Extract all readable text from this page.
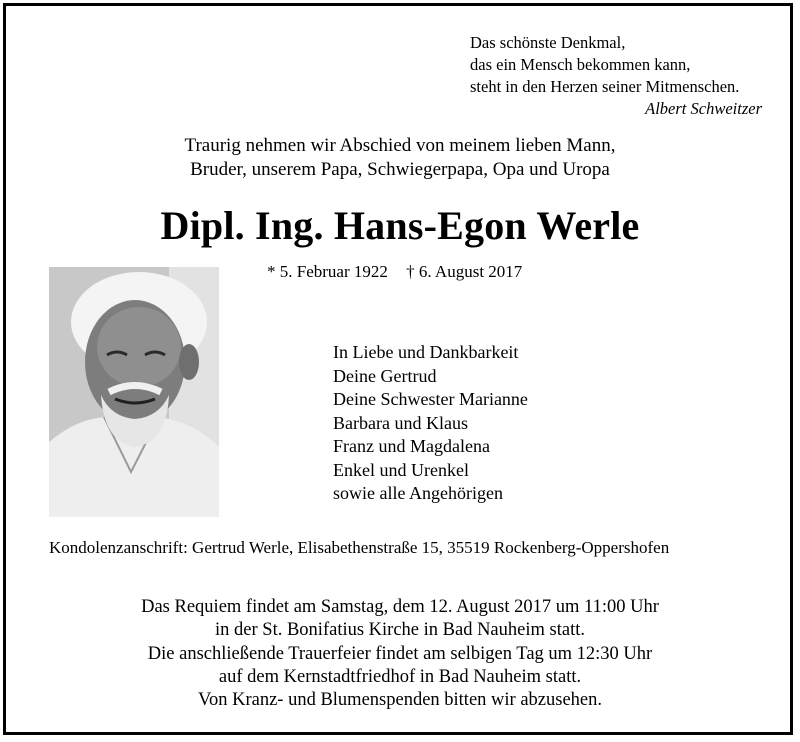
Das schönste Denkmal,
das ein Mensch bekommen kann,
steht in den Herzen seiner Mitmenschen.
Albert Schweitzer
Traurig nehmen wir Abschied von meinem lieben Mann,
Bruder, unserem Papa, Schwiegerpapa, Opa und Uropa
Dipl. Ing. Hans-Egon Werle
* 5. Februar 1922 † 6. August 2017
In Liebe und Dankbarkeit
Deine Gertrud
Deine Schwester Marianne
Barbara und Klaus
Franz und Magdalena
Enkel und Urenkel
sowie alle Angehörigen
Kondolenzanschrift: Gertrud Werle, Elisabethenstraße 15, 35519 Rockenberg-Oppershofen
Das Requiem findet am Samstag, dem 12. August 2017 um 11:00 Uhr
in der St. Bonifatius Kirche in Bad Nauheim statt.
Die anschließende Trauerfeier findet am selbigen Tag um 12:30 Uhr
auf dem Kernstadtfriedhof in Bad Nauheim statt.
Von Kranz- und Blumenspenden bitten wir abzusehen.
